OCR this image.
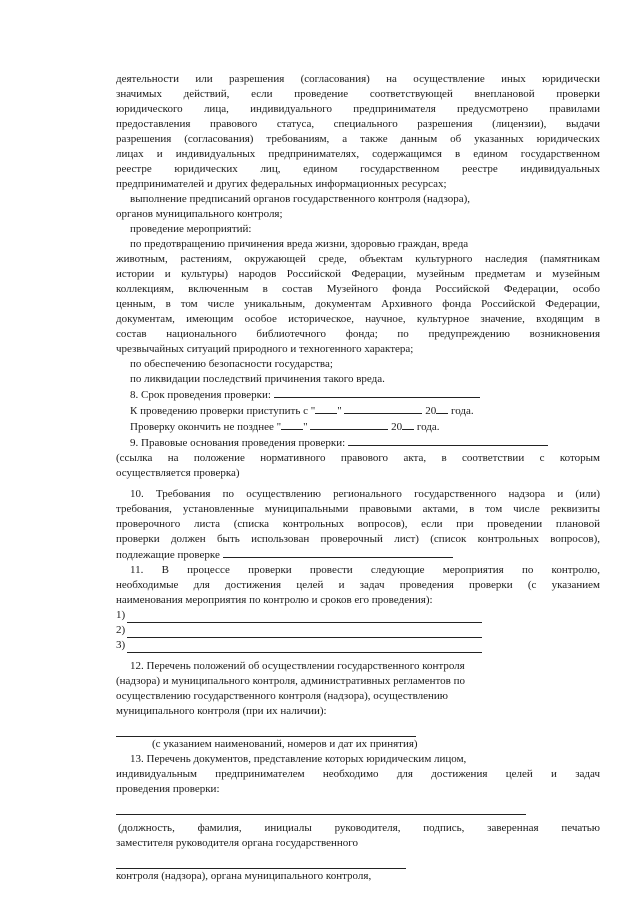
деятельности или разрешения (согласования) на осуществление иных юридически

значимых действий, если проведение соответствующей внеплановой проверки

юридического лица, индивидуального предпринимателя предусмотрено правилами

предоставления правового статуса, специального разрешения (лицензии), выдачи

разрешения (согласования) требованиям, а также данным об указанных юридических

лицах и индивидуальных предпринимателях, содержащимся в едином государственном

реестре юридических лиц, едином государственном реестре индивидуальных

предпринимателей и других федеральных информационных ресурсах;

выполнение предписаний органов государственного контроля (надзора),

органов муниципального контроля;

проведение мероприятий:

по предотвращению причинения вреда жизни, здоровью граждан, вреда

животным, растениям, окружающей среде, объектам культурного наследия (памятникам

истории и культуры) народов Российской Федерации, музейным предметам и музейным

коллекциям, включенным в состав Музейного фонда Российской Федерации, особо

ценным, в том числе уникальным, документам Архивного фонда Российской Федерации,

документам, имеющим особое историческое, научное, культурное значение, входящим в

состав национального библиотечного фонда; по предупреждению возникновения

чрезвычайных ситуаций природного и техногенного характера;

по обеспечению безопасности государства;

по ликвидации последствий причинения такого вреда.

8. Срок проведения проверки:

К проведению проверки приступить с " "	20 года.

Проверку окончить не позднее " "	20 года.

9. Правовые основания проведения проверки:

(ссылка на положение нормативного правового акта, в соответствии с которым

осуществляется проверка)

10. Требования по осуществлению регионального государственного надзора и (или)

требования, установленные муниципальными правовыми актами, в том числе реквизиты

проверочного листа (списка контрольных вопросов), если при проведении плановой

проверки должен быть использован проверочный лист) (список контрольных вопросов),

подлежащие проверке

11. В процессе проверки провести следующие мероприятия по контролю,

необходимые для достижения целей и задач проведения проверки (с указанием

наименования мероприятия по контролю и сроков его проведения):

1)
2)
3)

12. Перечень положений об осуществлении государственного контроля

(надзора) и муниципального контроля, административных регламентов по

осуществлению государственного контроля (надзора), осуществлению

муниципального контроля (при их наличии):

(с указанием наименований, номеров и дат их принятия)

13. Перечень документов, представление которых юридическим лицом,

индивидуальным предпринимателем необходимо для достижения целей и задач

проведения проверки:

(должность, фамилия, инициалы руководителя, подпись, заверенная печатью

заместителя руководителя органа государственного

контроля (надзора), органа муниципального контроля,
